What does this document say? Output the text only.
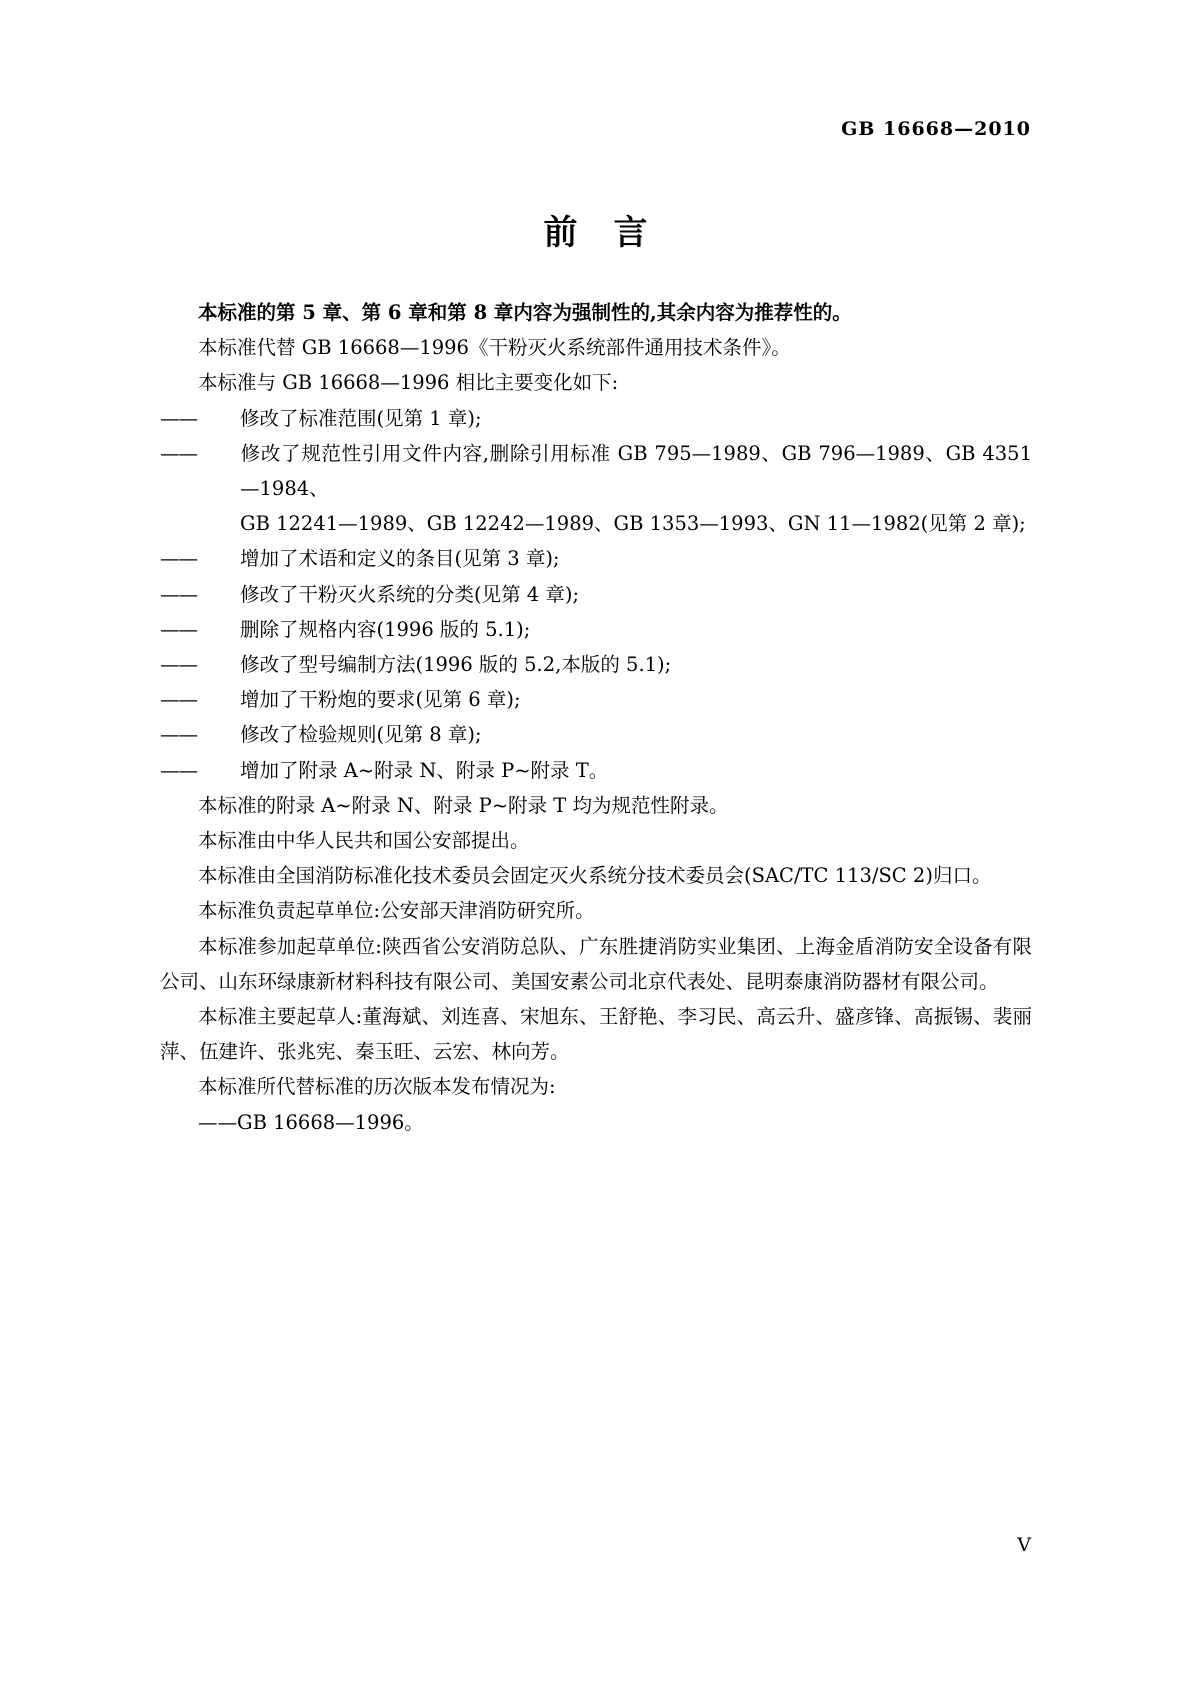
GB 16668—2010
前 言

本标准的第 5 章、第 6 章和第 8 章内容为强制性的,其余内容为推荐性的。

本标准代替 GB 16668—1996《干粉灭火系统部件通用技术条件》。

本标准与 GB 16668—1996 相比主要变化如下:

—— 修改了标准范围(见第 1 章);

—— 修改了规范性引用文件内容,删除引用标准 GB 795—1989、GB 796—1989、GB 4351—1984、

GB 12241—1989、GB 12242—1989、GB 1353—1993、GN 11—1982(见第 2 章);

—— 增加了术语和定义的条目(见第 3 章);

—— 修改了干粉灭火系统的分类(见第 4 章);

—— 删除了规格内容(1996 版的 5.1);

—— 修改了型号编制方法(1996 版的 5.2,本版的 5.1);

—— 增加了干粉炮的要求(见第 6 章);

—— 修改了检验规则(见第 8 章);

—— 增加了附录 A~附录 N、附录 P~附录 T。

本标准的附录 A~附录 N、附录 P~附录 T 均为规范性附录。

本标准由中华人民共和国公安部提出。

本标准由全国消防标准化技术委员会固定灭火系统分技术委员会(SAC/TC 113/SC 2)归口。

本标准负责起草单位:公安部天津消防研究所。

本标准参加起草单位:陕西省公安消防总队、广东胜捷消防实业集团、上海金盾消防安全设备有限公司、山东环绿康新材料科技有限公司、美国安素公司北京代表处、昆明泰康消防器材有限公司。

本标准主要起草人:董海斌、刘连喜、宋旭东、王舒艳、李习民、高云升、盛彦锋、高振锡、裴丽萍、伍建许、张兆宪、秦玉旺、云宏、林向芳。

本标准所代替标准的历次版本发布情况为:

——GB 16668—1996。

Ⅴ
